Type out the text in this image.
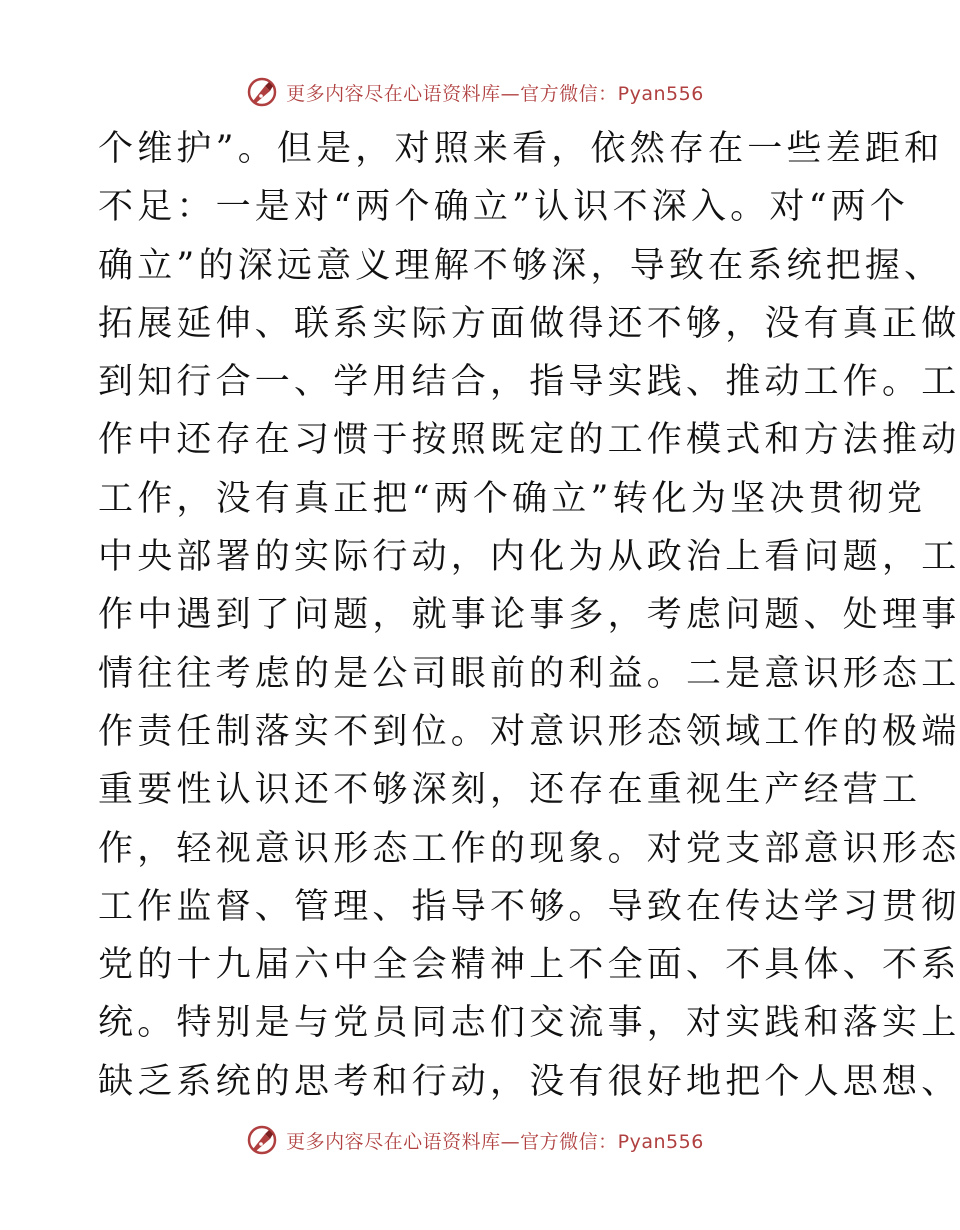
更多内容尽在心语资料库—官方微信：Pyan556
个维护”。但是，对照来看，依然存在一些差距和
不足：一是对“两个确立”认识不深入。对“两个
确立”的深远意义理解不够深，导致在系统把握、
拓展延伸、联系实际方面做得还不够，没有真正做
到知行合一、学用结合，指导实践、推动工作。工
作中还存在习惯于按照既定的工作模式和方法推动
工作，没有真正把“两个确立”转化为坚决贯彻党
中央部署的实际行动，内化为从政治上看问题，工
作中遇到了问题，就事论事多，考虑问题、处理事
情往往考虑的是公司眼前的利益。二是意识形态工
作责任制落实不到位。对意识形态领域工作的极端
重要性认识还不够深刻，还存在重视生产经营工
作，轻视意识形态工作的现象。对党支部意识形态
工作监督、管理、指导不够。导致在传达学习贯彻
党的十九届六中全会精神上不全面、不具体、不系
统。特别是与党员同志们交流事，对实践和落实上
缺乏系统的思考和行动，没有很好地把个人思想、
更多内容尽在心语资料库—官方微信：Pyan556
